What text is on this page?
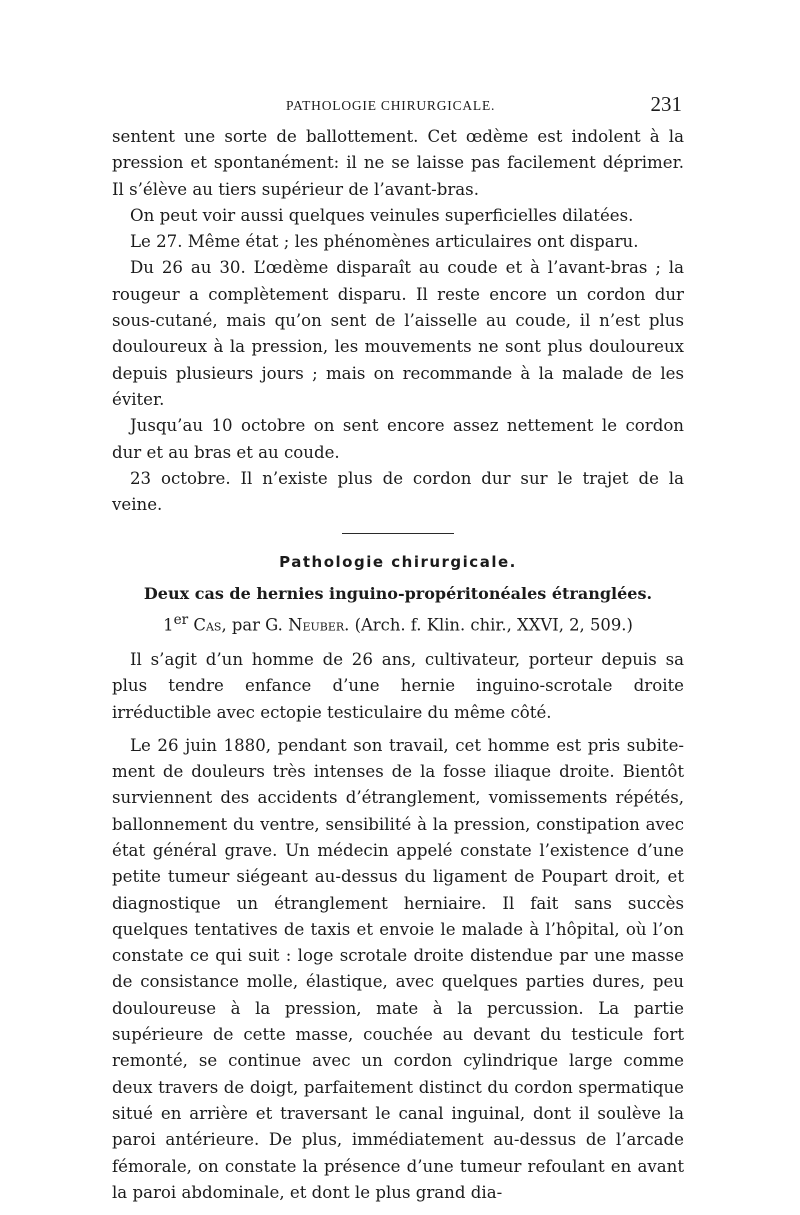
PATHOLOGIE CHIRURGICALE.	231

sentent une sorte de ballottement. Cet œdème est indolent à la pression et spontanément: il ne se laisse pas facilement déprimer. Il s’élève au tiers supérieur de l’avant-bras.

On peut voir aussi quelques veinules superficielles dilatées.

Le 27. Même état ; les phénomènes articulaires ont disparu.

Du 26 au 30. L’œdème disparaît au coude et à l’avant-bras ; la rougeur a complètement disparu. Il reste encore un cordon dur sous-cutané, mais qu’on sent de l’aisselle au coude, il n’est plus douloureux à la pression, les mouvements ne sont plus douloureux depuis plusieurs jours ; mais on recommande à la malade de les éviter.

Jusqu’au 10 octobre on sent encore assez nettement le cordon dur et au bras et au coude.

23 octobre. Il n’existe plus de cordon dur sur le trajet de la veine.

Pathologie chirurgicale.
Deux cas de hernies inguino-propéritonéales étranglées.
1er Cas, par G. Neuber. (Arch. f. Klin. chir., XXVI, 2, 509.)

Il s’agit d’un homme de 26 ans, cultivateur, porteur depuis sa plus tendre enfance d’une hernie inguino-scrotale droite irréductible avec ectopie testiculaire du même côté.

Le 26 juin 1880, pendant son travail, cet homme est pris subitement de douleurs très intenses de la fosse iliaque droite. Bientôt surviennent des accidents d’étranglement, vomissements répétés, ballonnement du ventre, sensibilité à la pression, constipation avec état général grave. Un médecin appelé constate l’existence d’une petite tumeur siégeant au-dessus du ligament de Poupart droit, et diagnostique un étranglement herniaire. Il fait sans succès quelques tentatives de taxis et envoie le malade à l’hôpital, où l’on constate ce qui suit : loge scrotale droite distendue par une masse de consistance molle, élastique, avec quelques parties dures, peu douloureuse à la pression, mate à la percussion. La partie supérieure de cette masse, couchée au devant du testicule fort remonté, se continue avec un cordon cylindrique large comme deux travers de doigt, parfaitement distinct du cordon spermatique situé en arrière et traversant le canal inguinal, dont il soulève la paroi antérieure. De plus, immédiatement au-dessus de l’arcade fémorale, on constate la présence d’une tumeur refoulant en avant la paroi abdominale, et dont le plus grand dia-
